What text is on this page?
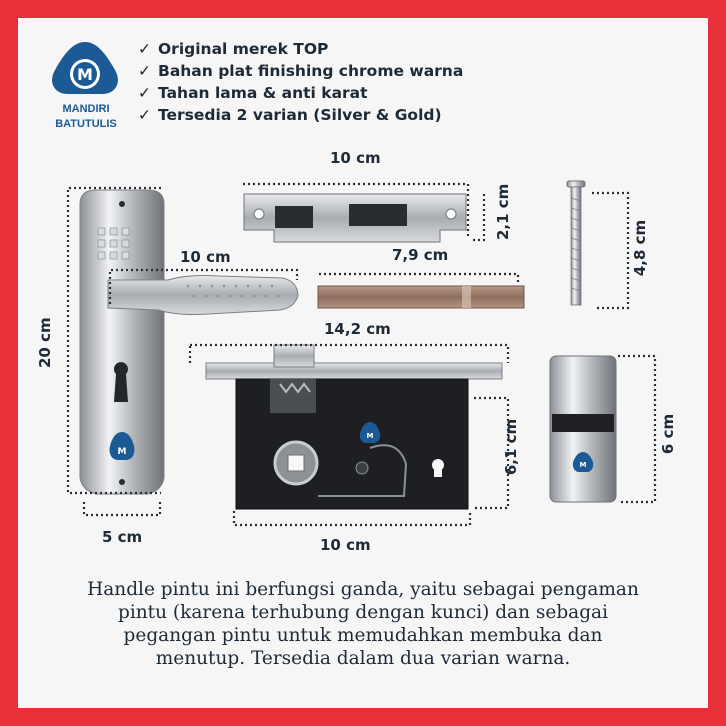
M
MANDIRI
BATUTULIS
✓ Original merek TOP
✓ Bahan plat finishing chrome warna
✓ Tahan lama & anti karat
✓ Tersedia 2 varian (Silver & Gold)
M
M
M
10 cm
2,1 cm
4,8 cm
10 cm	7,9 cm
20 cm	14,2 cm
6,1 cm	6 cm
5 cm	10 cm
Handle pintu ini berfungsi ganda, yaitu sebagai pengaman
pintu (karena terhubung dengan kunci) dan sebagai
pegangan pintu untuk memudahkan membuka dan
menutup. Tersedia dalam dua varian warna.
